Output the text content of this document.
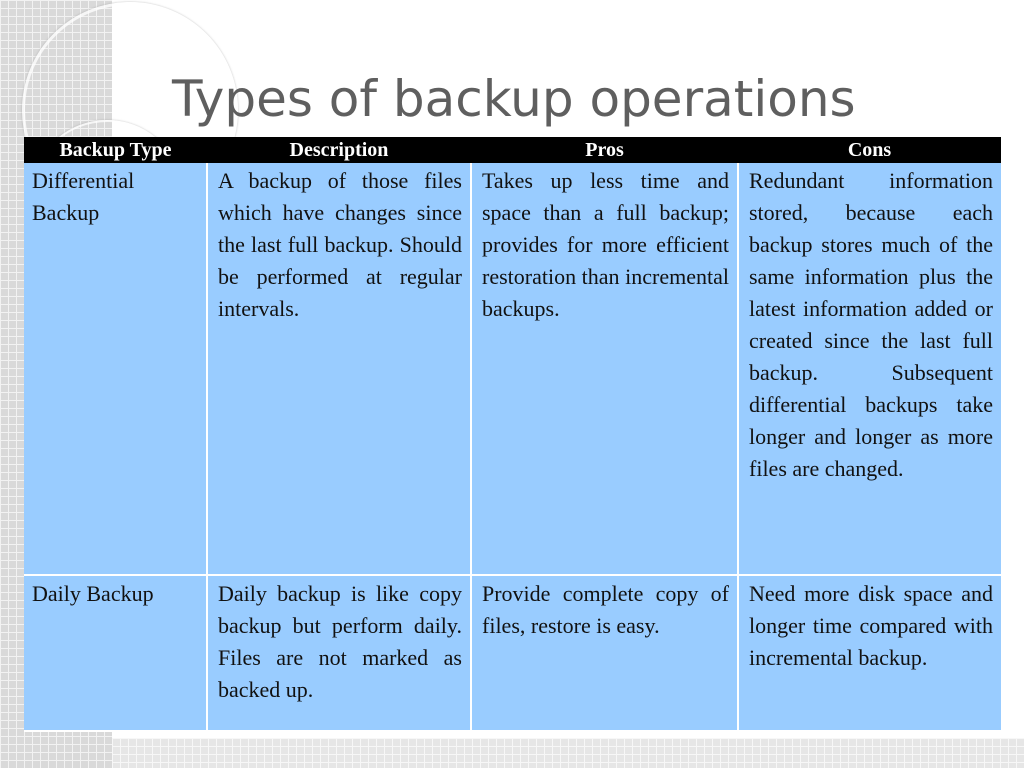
Types of backup operations
Backup Type	Description	Pros	Cons
Differential Backup	A backup of those files which have changes since the last full backup. Should be performed at regular intervals.	Takes up less time and space than a full backup; provides for more efficient restoration than incremental backups.	Redundant information stored, because each backup stores much of the same information plus the latest information added or created since the last full backup. Subsequent differential backups take longer and longer as more files are changed.
Daily Backup	Daily backup is like copy backup but perform daily. Files are not marked as backed up.	Provide complete copy of files, restore is easy.	Need more disk space and longer time compared with incremental backup.
